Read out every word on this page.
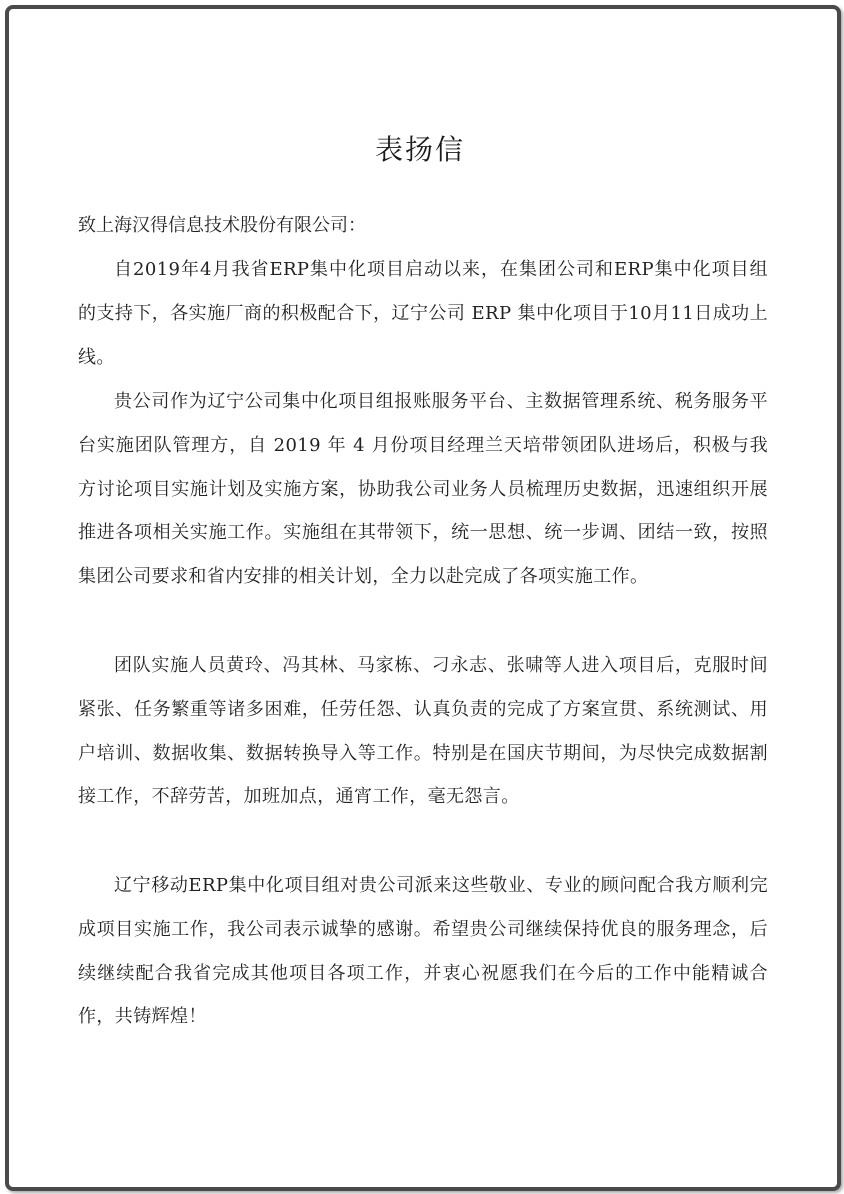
表扬信
致上海汉得信息技术股份有限公司：
自2019年4月我省ERP集中化项目启动以来，在集团公司和ERP集中化项目组的支持下，各实施厂商的积极配合下，辽宁公司 ERP 集中化项目于10月11日成功上线。
贵公司作为辽宁公司集中化项目组报账服务平台、主数据管理系统、税务服务平台实施团队管理方，自 2019 年 4 月份项目经理兰天培带领团队进场后，积极与我方讨论项目实施计划及实施方案，协助我公司业务人员梳理历史数据，迅速组织开展推进各项相关实施工作。实施组在其带领下，统一思想、统一步调、团结一致，按照集团公司要求和省内安排的相关计划，全力以赴完成了各项实施工作。
团队实施人员黄玲、冯其林、马家栋、刁永志、张啸等人进入项目后，克服时间紧张、任务繁重等诸多困难，任劳任怨、认真负责的完成了方案宣贯、系统测试、用户培训、数据收集、数据转换导入等工作。特别是在国庆节期间，为尽快完成数据割接工作，不辞劳苦，加班加点，通宵工作，毫无怨言。
辽宁移动ERP集中化项目组对贵公司派来这些敬业、专业的顾问配合我方顺利完成项目实施工作，我公司表示诚挚的感谢。希望贵公司继续保持优良的服务理念，后续继续配合我省完成其他项目各项工作，并衷心祝愿我们在今后的工作中能精诚合作，共铸辉煌！
